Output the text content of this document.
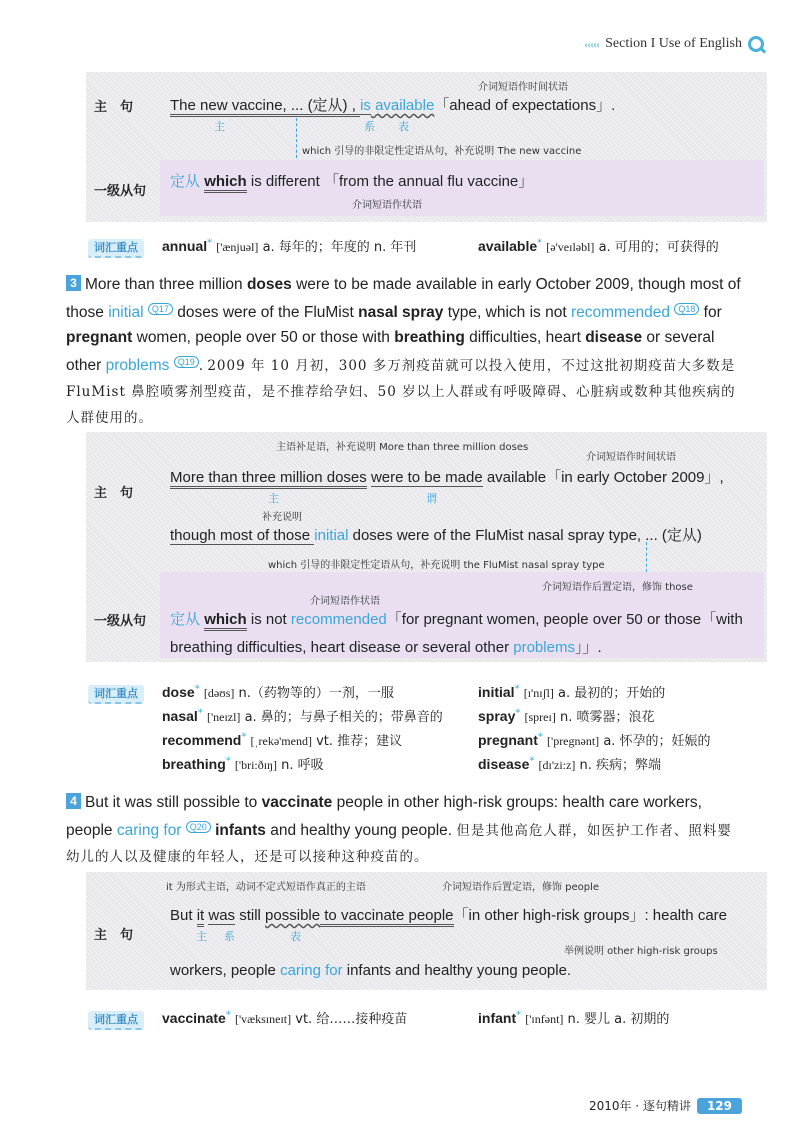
‹‹‹‹‹ Section I Use of English
主　句
介词短语作时间状语
The new vaccine, ... (定从) , is available「ahead of expectations」.
主	系 表
which 引导的非限定性定语从句，补充说明 The new vaccine
一级从句
定从 which is different 「from the annual flu vaccine」
介词短语作状语
词汇重点	annual* ['ænjuəl] a. 每年的；年度的 n. 年刊	available* [ə'veɪləbl] a. 可用的；可获得的
3 More than three million doses were to be made available in early October 2009, though most of those initial $^{Q17}$ doses were of the FluMist nasal spray type, which is not recommended $^{Q18}$ for pregnant women, people over 50 or those with breathing difficulties, heart disease or several other problems $^{Q19}$ . 2009 年 10 月初，300 多万剂疫苗就可以投入使用，不过这批初期疫苗大多数是 FluMist 鼻腔喷雾剂型疫苗，是不推荐给孕妇、50 岁以上人群或有呼吸障碍、心脏病或数种其他疾病的人群使用的。
主语补足语，补充说明 More than three million doses
介词短语作时间状语
主　句
More than three million doses were to be made available「in early October 2009」,
主	谓
补充说明
though most of those initial doses were of the FluMist nasal spray type, ... (定从)
which 引导的非限定性定语从句，补充说明 the FluMist nasal spray type
介词短语作后置定语，修饰 those
介词短语作状语
一级从句 定从 which is not recommended「for pregnant women, people over 50 or those「with
breathing difficulties, heart disease or several other problems」」.
词汇重点	dose* [dəʊs] n.（药物等的）一剂，一服	initial* [ɪ'nɪʃl] a. 最初的；开始的
nasal* ['neɪzl] a. 鼻的；与鼻子相关的；带鼻音的	spray* [spreɪ] n. 喷雾器；浪花
recommend* [ˌrekə'mend] vt. 推荐；建议	pregnant* ['pregnənt] a. 怀孕的；妊娠的
breathing* ['bri:ðɪŋ] n. 呼吸	disease* [dɪ'zi:z] n. 疾病；弊端
4 But it was still possible to vaccinate people in other high-risk groups: health care workers, people caring for $^{Q20}$ infants and healthy young people. 但是其他高危人群，如医护工作者、照料婴幼儿的人以及健康的年轻人，还是可以接种这种疫苗的。
it 为形式主语，动词不定式短语作真正的主语	介词短语作后置定语，修饰 people
主　句
But it was still possible to vaccinate people「in other high-risk groups」: health care
主 系	表
举例说明 other high-risk groups
workers, people caring for infants and healthy young people.
词汇重点	vaccinate* ['væksɪneɪt] vt. 给……接种疫苗	infant* ['ɪnfənt] n. 婴儿 a. 初期的
2010年 · 逐句精讲	129
